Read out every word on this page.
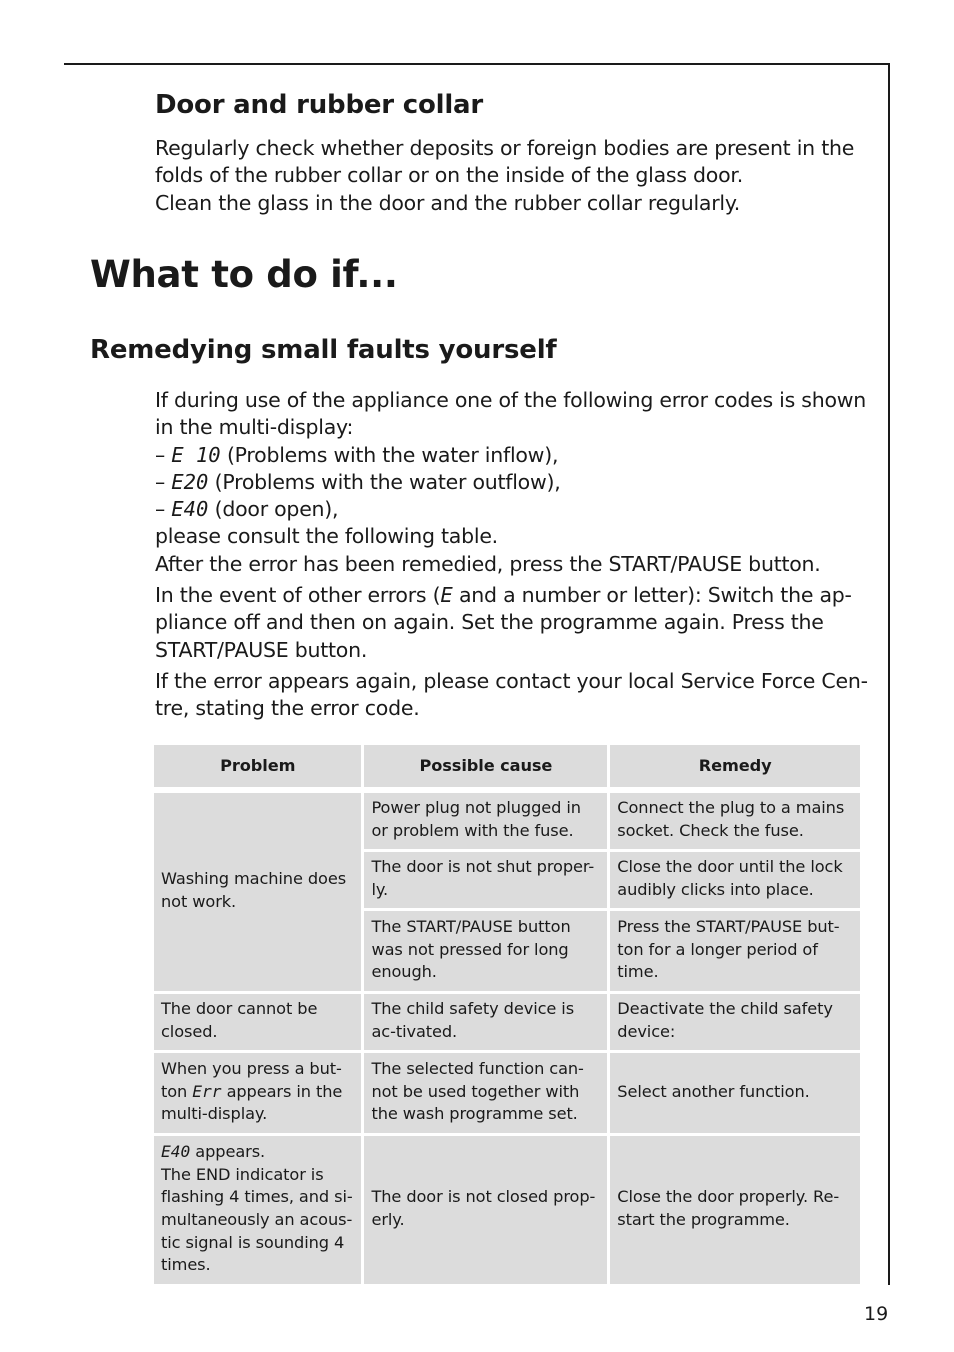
Door and rubber collar
Regularly check whether deposits or foreign bodies are present in the
folds of the rubber collar or on the inside of the glass door.
Clean the glass in the door and the rubber collar regularly.
What to do if...
Remedying small faults yourself
If during use of the appliance one of the following error codes is shown
in the multi-display:
– E 10 (Problems with the water inflow),
– E20 (Problems with the water outflow),
– E40 (door open),
please consult the following table.
After the error has been remedied, press the START/PAUSE button.
In the event of other errors (E and a number or letter): Switch the ap-
pliance off and then on again. Set the programme again. Press the
START/PAUSE button.
If the error appears again, please contact your local Service Force Cen-
tre, stating the error code.
Problem	Possible cause	Remedy

Washing machine does not work.	Power plug not plugged in or problem with the fuse.	Connect the plug to a mains socket. Check the fuse.
	The door is not shut proper-ly.	Close the door until the lock audibly clicks into place.
	The START/PAUSE button was not pressed for long enough.	Press the START/PAUSE but-ton for a longer period of time.
The door cannot be closed.	The child safety device is ac-tivated.	Deactivate the child safety device:
When you press a but-ton Err appears in the multi-display.	The selected function can-not be used together with the wash programme set.	Select another function.
E40 appears.
The END indicator is flashing 4 times, and si-multaneously an acous-tic signal is sounding 4 times.	The door is not closed prop-erly.	Close the door properly. Re-start the programme.
19
